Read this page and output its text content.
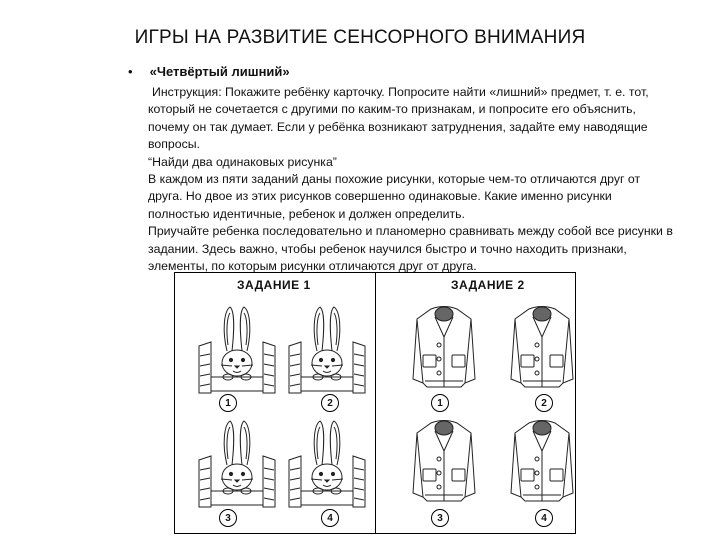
ИГРЫ НА РАЗВИТИЕ СЕНСОРНОГО ВНИМАНИЯ
• «Четвёртый лишний»

Инструкция: Покажите ребёнку карточку. Попросите найти «лишний» предмет, т. е. тот,

который не сочетается с другими по каким-то признакам, и попросите его объяснить,

почему он так думает. Если у ребёнка возникают затруднения, задайте ему наводящие

вопросы.

“Найди два одинаковых рисунка”

В каждом из пяти заданий даны похожие рисунки, которые чем-то отличаются друг от

друга. Но двое из этих рисунков совершенно одинаковые. Какие именно рисунки

полностью идентичные, ребенок и должен определить.

Приучайте ребенка последовательно и планомерно сравнивать между собой все рисунки в

задании. Здесь важно, чтобы ребенок научился быстро и точно находить признаки,

элементы, по которым рисунки отличаются друг от друга.

ЗАДАНИЕ 1	ЗАДАНИЕ 2
1	2
3	4
1	2
3	4
